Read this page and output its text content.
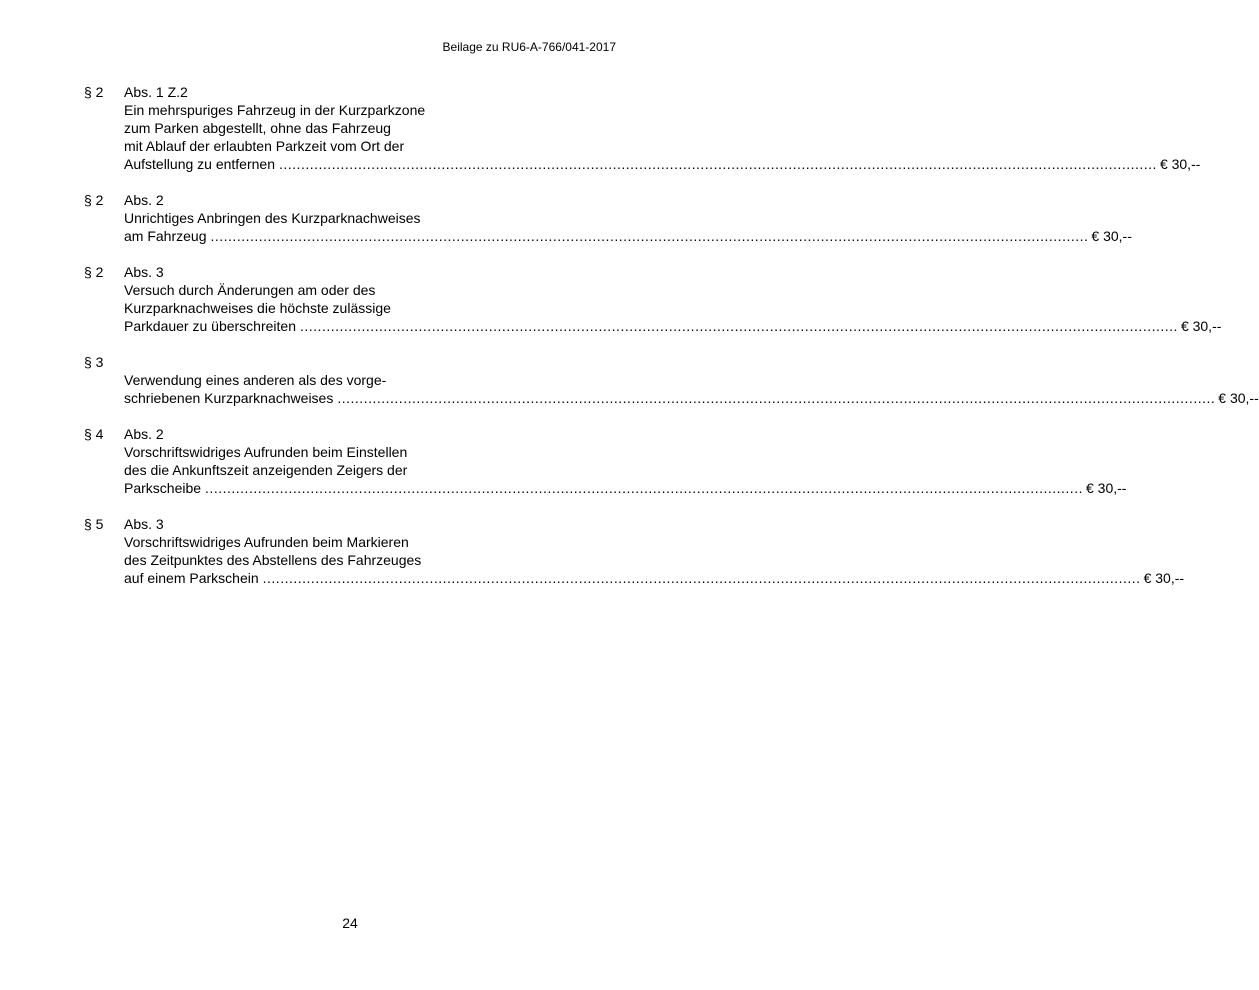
Beilage zu RU6-A-766/041-2017
§ 2 Abs. 1 Z.2
Ein mehrspuriges Fahrzeug in der Kurzparkzone
zum Parken abgestellt, ohne das Fahrzeug
mit Ablauf der erlaubten Parkzeit vom Ort der
Aufstellung zu entfernen ........................................................................................................................................................................................................ € 30,--
§ 2 Abs. 2
Unrichtiges Anbringen des Kurzparknachweises
am Fahrzeug ........................................................................................................................................................................................................ € 30,--
§ 2 Abs. 3
Versuch durch Änderungen am oder des
Kurzparknachweises die höchste zulässige
Parkdauer zu überschreiten ........................................................................................................................................................................................................ € 30,--
§ 3
Verwendung eines anderen als des vorge-
schriebenen Kurzparknachweises ........................................................................................................................................................................................................ € 30,--
§ 4 Abs. 2
Vorschriftswidriges Aufrunden beim Einstellen
des die Ankunftszeit anzeigenden Zeigers der
Parkscheibe ........................................................................................................................................................................................................ € 30,--
§ 5 Abs. 3
Vorschriftswidriges Aufrunden beim Markieren
des Zeitpunktes des Abstellens des Fahrzeuges
auf einem Parkschein ........................................................................................................................................................................................................ € 30,--
24
